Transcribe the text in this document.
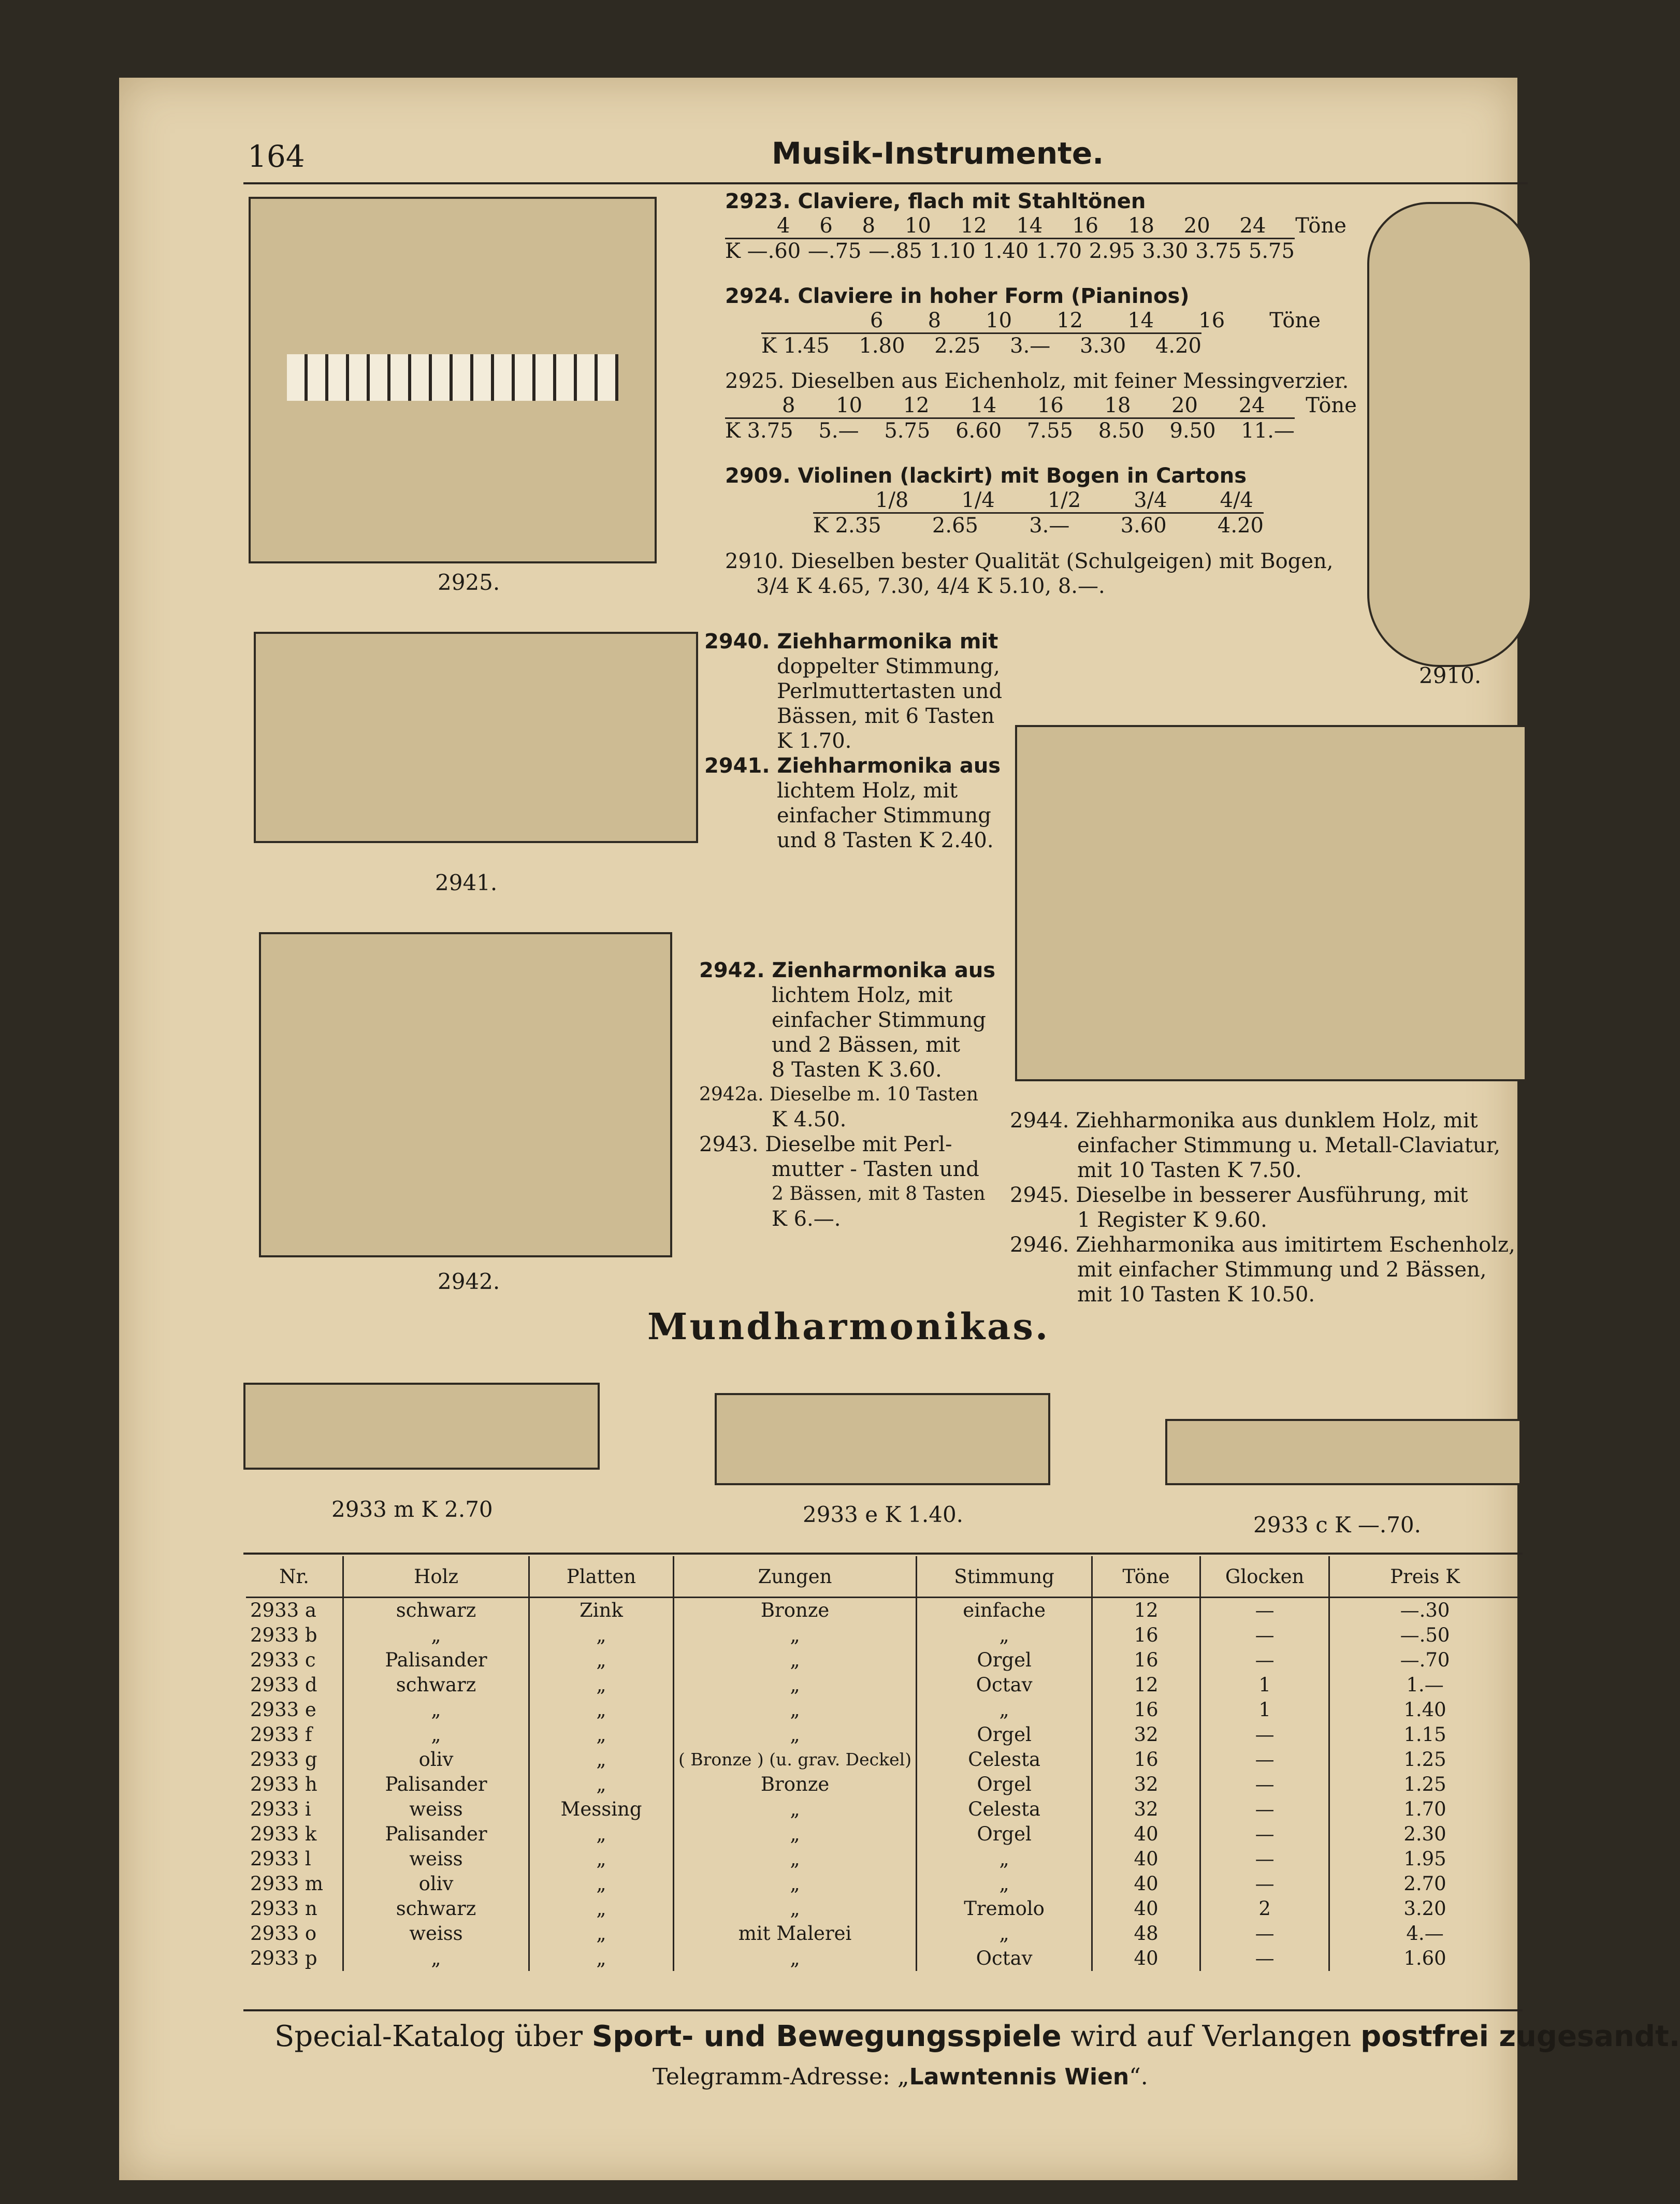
164	Musik-Instrumente.
2925.
2910.
2941.
2942.
2923. Claviere, flach mit Stahltönen
4 6 8 10 12 14 16 18 20 24 Töne
K —.60 —.75 —.85 1.10 1.40 1.70 2.95 3.30 3.75 5.75
2924. Claviere in hoher Form (Pianinos)
6 8 10 12 14 16 Töne
K 1.45 1.80 2.25 3.— 3.30 4.20
2925. Dieselben aus Eichenholz, mit feiner Messingverzier.
8 10 12 14 16 18 20 24 Töne
K 3.75 5.— 5.75 6.60 7.55 8.50 9.50 11.—
2909. Violinen (lackirt) mit Bogen in Cartons
1/8	1/4	1/2	3/4	4/4
K 2.35 2.65 3.— 3.60 4.20
2910. Dieselben bester Qualität (Schulgeigen) mit Bogen,
3/4 K 4.65, 7.30, 4/4 K 5.10, 8.—.
2940. Ziehharmonika mit
doppelter Stimmung,
Perlmuttertasten und
Bässen, mit 6 Tasten
K 1.70.
2941. Ziehharmonika aus
lichtem Holz, mit
einfacher Stimmung
und 8 Tasten K 2.40.
2942. Zienharmonika aus
lichtem Holz, mit
einfacher Stimmung
und 2 Bässen, mit
8 Tasten K 3.60.
2942a. Dieselbe m. 10 Tasten
K 4.50.
2943. Dieselbe mit Perl-
mutter - Tasten und
2 Bässen, mit 8 Tasten
K 6.—.
2944. Ziehharmonika aus dunklem Holz, mit
einfacher Stimmung u. Metall-Claviatur,
mit 10 Tasten K 7.50.
2945. Dieselbe in besserer Ausführung, mit
1 Register K 9.60.
2946. Ziehharmonika aus imitirtem Eschenholz,
mit einfacher Stimmung und 2 Bässen,
mit 10 Tasten K 10.50.
Mundharmonikas.
2933 m K 2.70	2933 e K 1.40.	2933 c K —.70.
Nr.	Holz	Platten	Zungen	Stimmung	Töne	Glocken	Preis K
2933 a	schwarz	Zink	Bronze	einfache	12	—	—.30
2933 b	„	„	„	„	16	—	—.50
2933 c	Palisander	„	„	Orgel	16	—	—.70
2933 d	schwarz	„	„	Octav	12	1	1.—
2933 e	„	„	„	„	16	1	1.40
2933 f	„	„	„	Orgel	32	—	1.15
2933 g	oliv	„	( Bronze ) (u. grav. Deckel)	Celesta	16	—	1.25
2933 h	Palisander	„	Bronze	Orgel	32	—	1.25
2933 i	weiss	Messing	„	Celesta	32	—	1.70
2933 k	Palisander	„	„	Orgel	40	—	2.30
2933 l	weiss	„	„	„	40	—	1.95
2933 m	oliv	„	„	„	40	—	2.70
2933 n	schwarz	„	„	Tremolo	40	2	3.20
2933 o	weiss	„	mit Malerei	„	48	—	4.—
2933 p	„	„	„	Octav	40	—	1.60
Special-Katalog über Sport- und Bewegungsspiele wird auf Verlangen postfrei zugesandt.
Telegramm-Adresse: „Lawntennis Wien“.
